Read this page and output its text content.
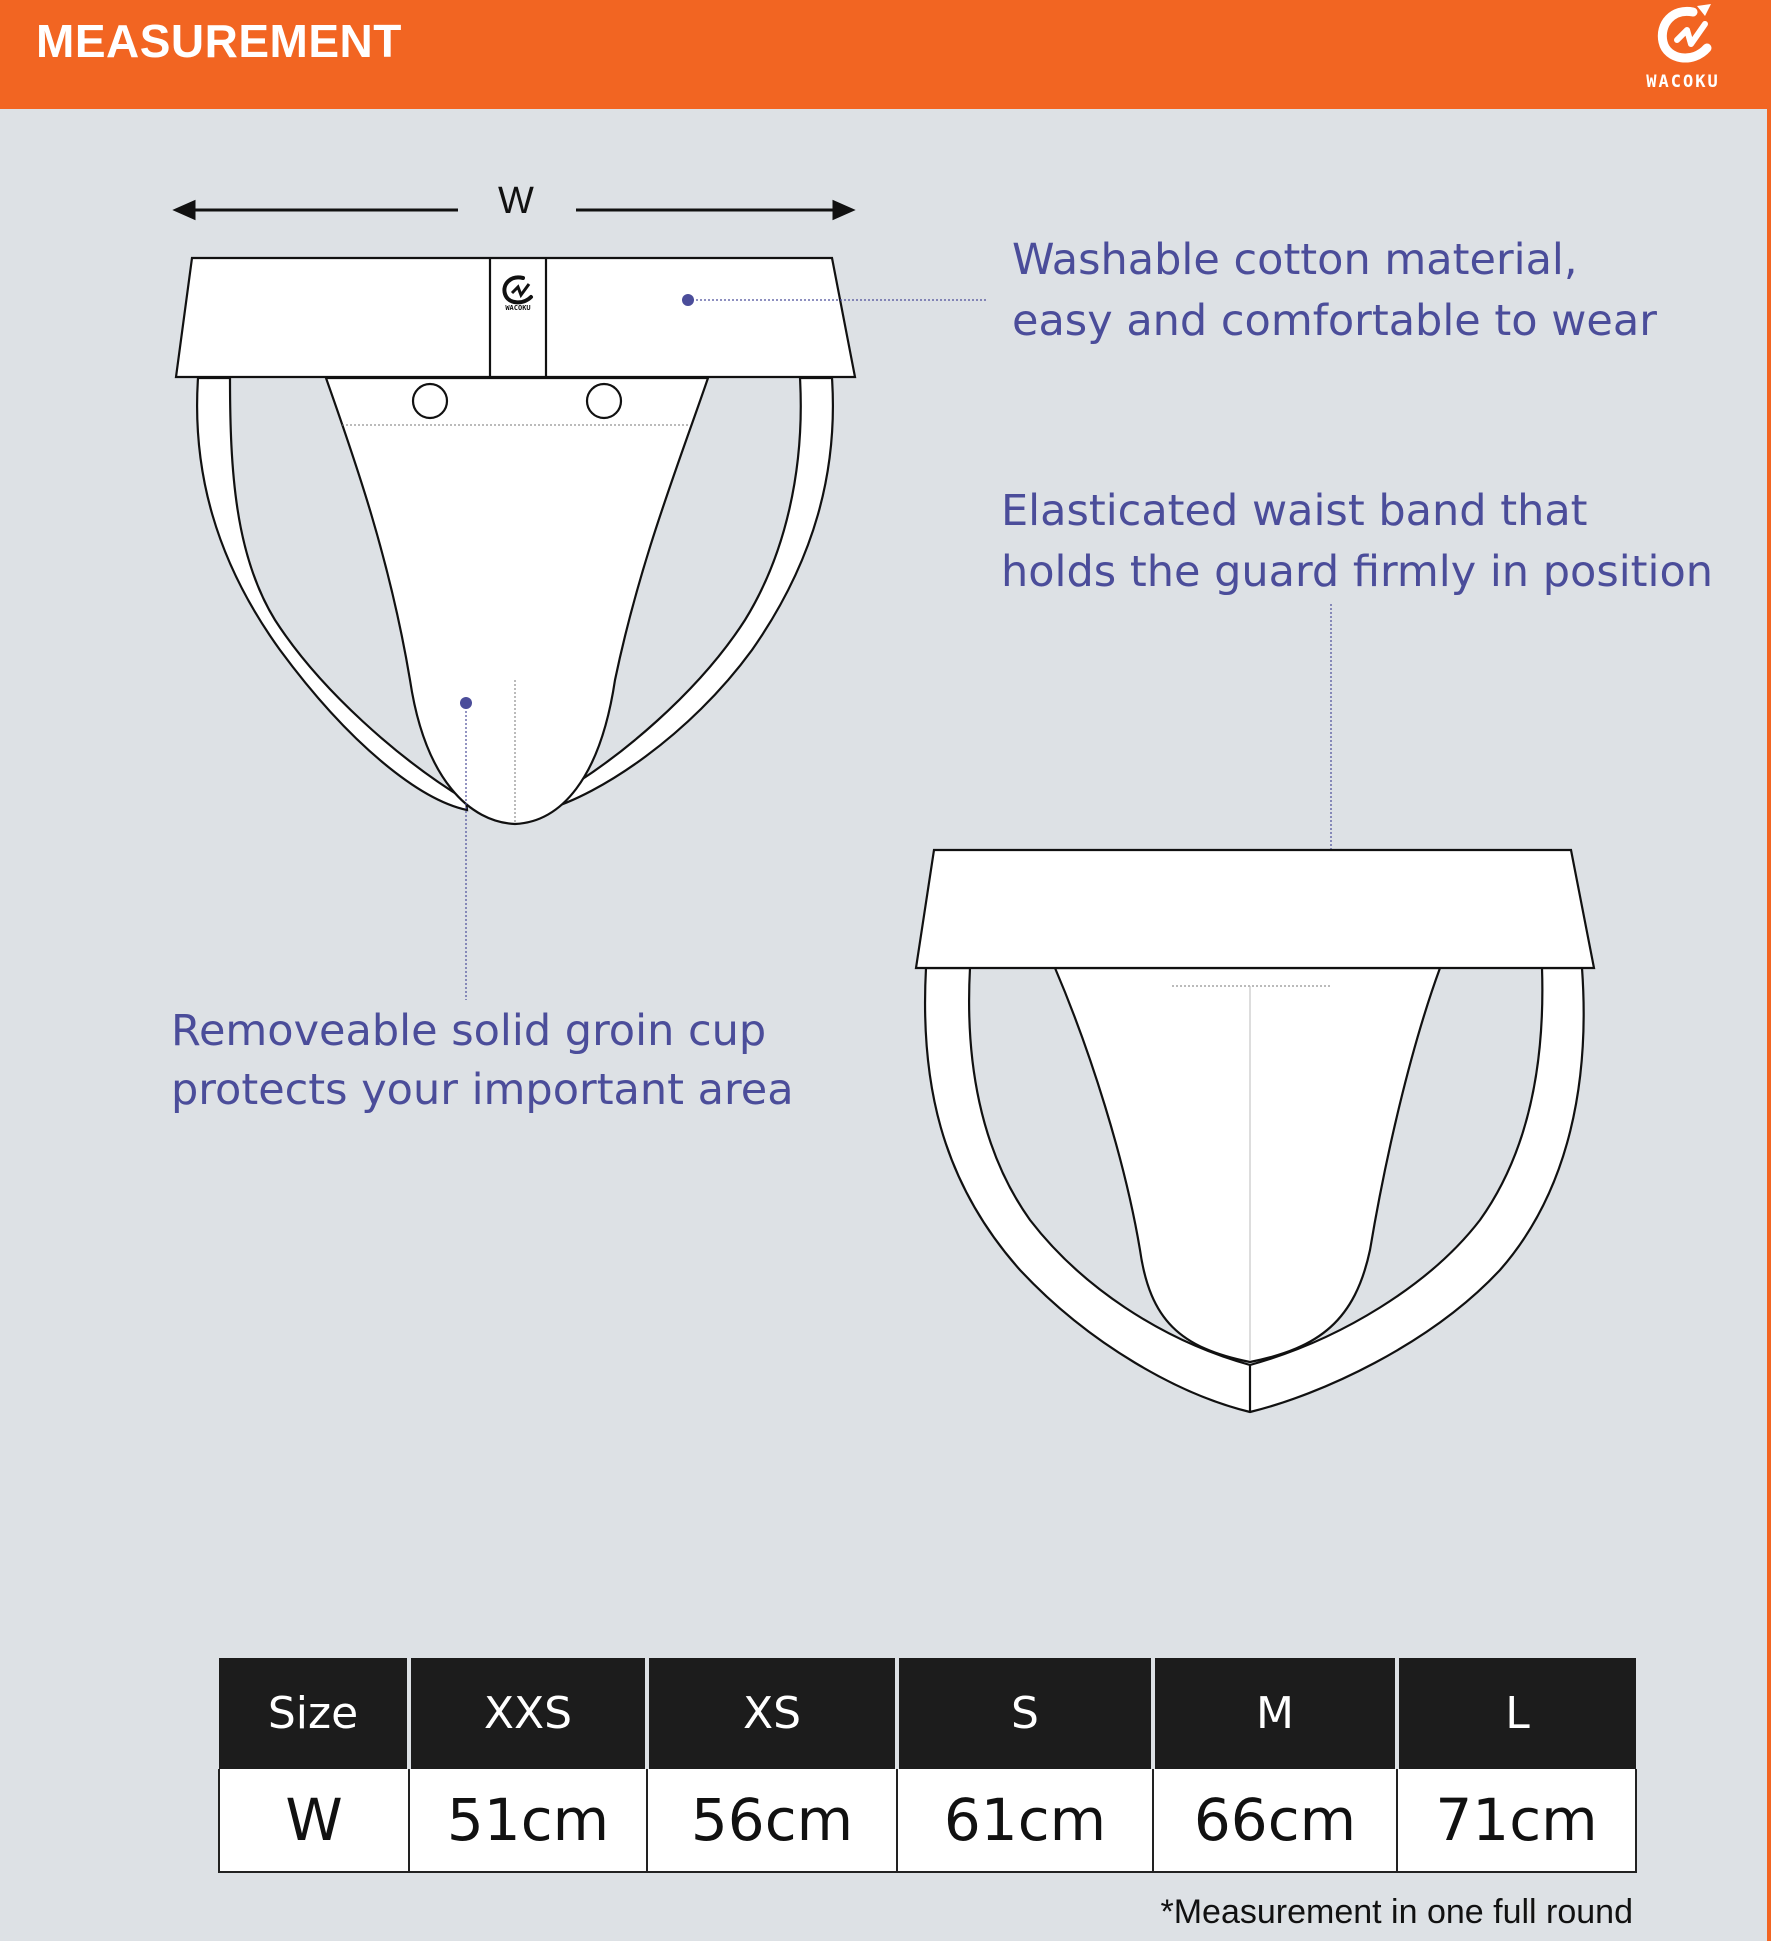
MEASUREMENT
WACOKU
WACOKU
W
Washable cotton material,
easy and comfortable to wear
Elasticated waist band that
holds the guard firmly in position
Removeable solid groin cup
protects your important area
Size	XXS	XS	S	M	L
W	51cm	56cm	61cm	66cm	71cm
*Measurement in one full round
